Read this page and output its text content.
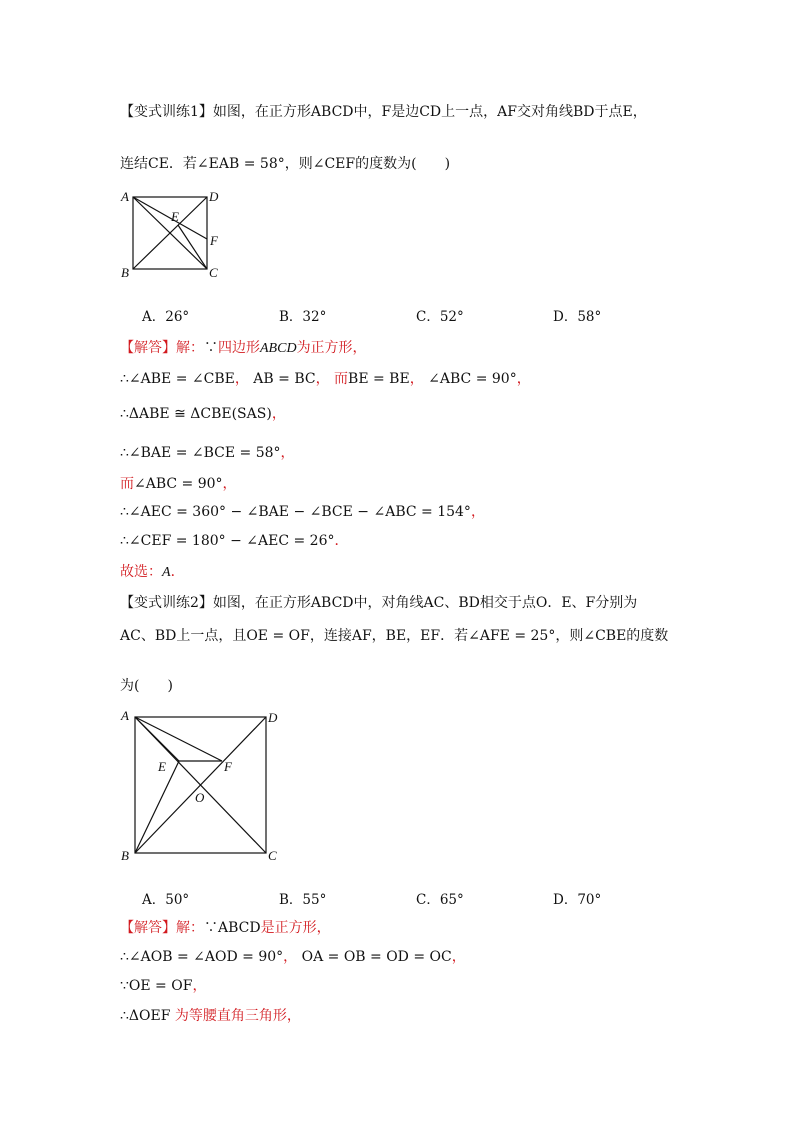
【变式训练1】如图，在正方形ABCD中，F是边CD上一点，AF交对角线BD于点E，
连结CE．若∠EAB = 58°，则∠CEF的度数为(　　)
A	D
B	C
E
F
A．26°	B．32°	C．52°	D．58°
【解答】解：∵四边形ABCD为正方形，
∴∠ABE = ∠CBE， AB = BC， 而BE = BE， ∠ABC = 90°，
∴ΔABE ≅ ΔCBE(SAS)，
∴∠BAE = ∠BCE = 58°，
而∠ABC = 90°，
∴∠AEC = 360° − ∠BAE − ∠BCE − ∠ABC = 154°，
∴∠CEF = 180° − ∠AEC = 26°．
故选：A．
【变式训练2】如图，在正方形ABCD中，对角线AC、BD相交于点O．E、F分别为
AC、BD上一点，且OE = OF，连接AF，BE，EF．若∠AFE = 25°，则∠CBE的度数
为(　　)
A	D
B	C
E	F
O
A．50°	B．55°	C．65°	D．70°
【解答】解：∵ABCD是正方形，
∴∠AOB = ∠AOD = 90°， OA = OB = OD = OC，
∵OE = OF，
∴ΔOEF 为等腰直角三角形，
